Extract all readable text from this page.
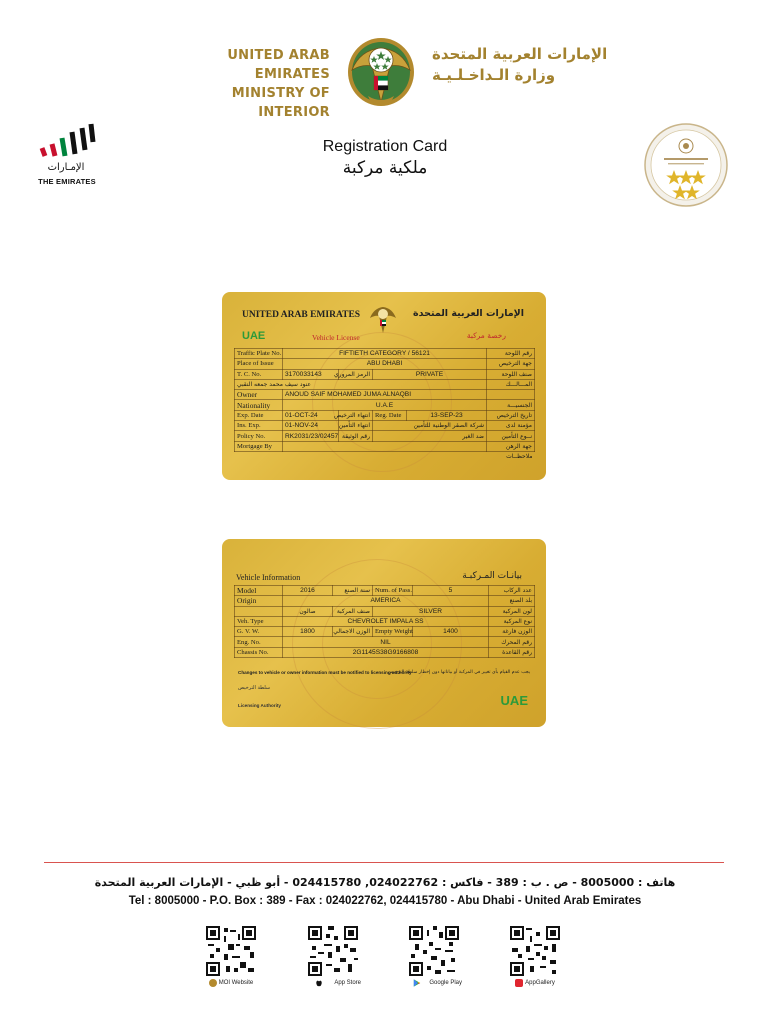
UNITED ARAB EMIRATES
MINISTRY OF INTERIOR
الإمارات العربية المتحدة
وزارة الـداخـلـيـة
الإمـارات
THE EMIRATES
Registration Card
ملكية مركبة
UNITED ARAB EMIRATES	الإمارات العربية المتحدة
UAE	Vehicle License	رخصة مركبة
Traffic Plate No.	FIFTIETH CATEGORY / 56121				رقم اللوحة
Place of Issue	ABU DHABI				جهة الترخيص
T. C. No.	3170033143	الرمز المروري	PRIVATE		صنف اللوحة
عنود سيف محمد جمعه النقبي					المـــالـــك
Owner	ANOUD SAIF MOHAMED JUMA ALNAQBI				
Nationality	U.A.E				الجنسيـــة
Exp. Date	01-OCT-24	انتهاء الترخيص	Reg. Date	13-SEP-23	تاريخ الترخيص
Ins. Exp.	01-NOV-24	انتهاء التأمين	شركة الصقر الوطنية للتأمين		مؤمنة لدى
Policy No.	RK2031/23/02457	رقم الوثيقة	ضد الغير		نــوع التأمين
Mortgage By					جهة الرهن
					ملاحظــات
Vehicle Information	بيانـات المـركبـة
Model	2016	سنة الصنع	Num. of Pass.	5	عدد الركاب
Origin	AMERICA				بلد الصنع
	صالون	صنف المركبة	SILVER		لون المركبة
Veh. Type	CHEVROLET IMPALA SS				نوع المركبة
G. V. W.	1800	الوزن الاجمالي	Empty Weight	1400	الوزن فارغة
Eng. No.	NIL				رقم المحرك
Chassis No.	2G1145S38G9166808				رقم القاعدة
Changes to vehicle or owner information must be notified to licensing authority
يجب عدم القيام بأي تغيير في المركبة أو بياناتها دون إخطار سلطة الترخيص
سلطة الترخيص
Licensing Authority	UAE
هاتف : 8005000 - ص . ب : 389 - فاكس : 024022762, 024415780 - أبو ظبي - الإمارات العربية المتحدة
Tel : 8005000 - P.O. Box : 389 - Fax : 024022762, 024415780 - Abu Dhabi - United Arab Emirates
MOI Website	App Store	Google Play	AppGallery
